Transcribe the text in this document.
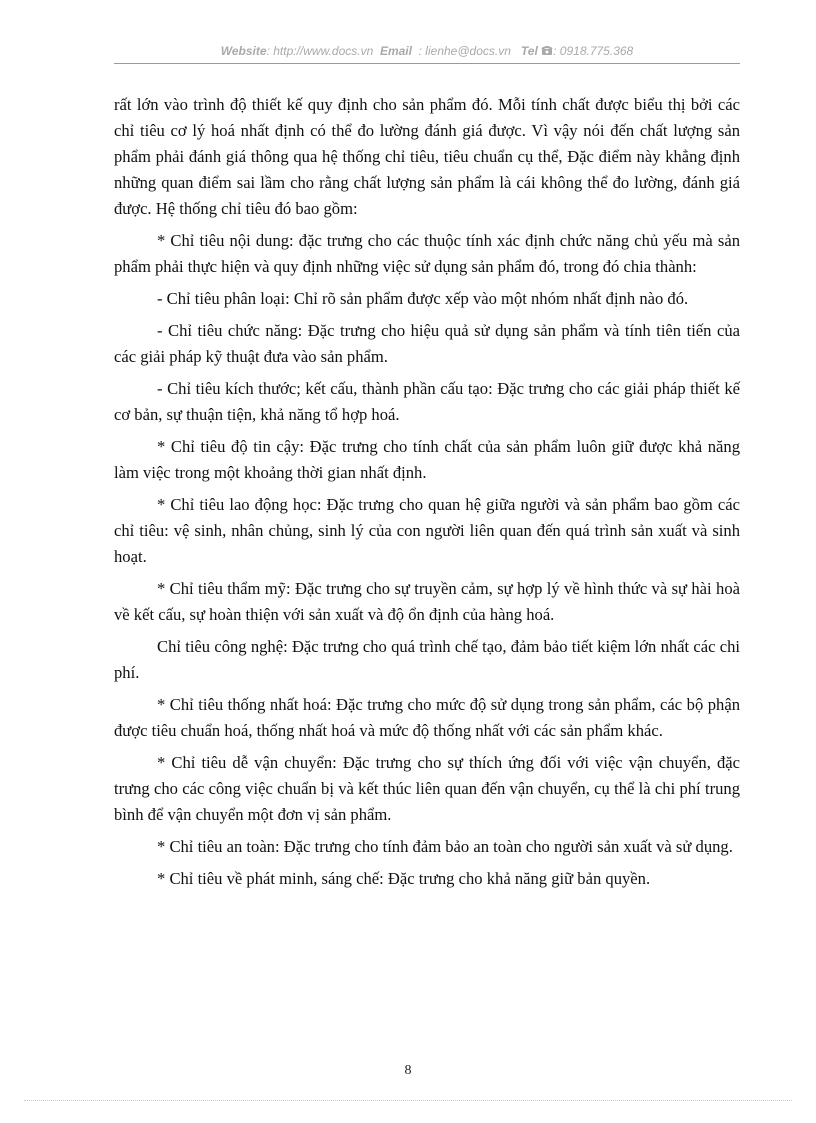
Website: http://www.docs.vn Email : lienhe@docs.vn Tel : 0918.775.368

rất lớn vào trình độ thiết kế quy định cho sản phẩm đó. Mỗi tính chất được biểu thị bởi các chỉ tiêu cơ lý hoá nhất định có thể đo lường đánh giá được. Vì vậy nói đến chất lượng sản phẩm phải đánh giá thông qua hệ thống chỉ tiêu, tiêu chuẩn cụ thể, Đặc điểm này khẳng định những quan điểm sai lầm cho rằng chất lượng sản phẩm là cái không thể đo lường, đánh giá được. Hệ thống chỉ tiêu đó bao gồm:

* Chỉ tiêu nội dung: đặc trưng cho các thuộc tính xác định chức năng chủ yếu mà sản phẩm phải thực hiện và quy định những việc sử dụng sản phẩm đó, trong đó chia thành:

- Chỉ tiêu phân loại: Chỉ rõ sản phẩm được xếp vào một nhóm nhất định nào đó.

- Chỉ tiêu chức năng: Đặc trưng cho hiệu quả sử dụng sản phẩm và tính tiên tiến của các giải pháp kỹ thuật đưa vào sản phẩm.

- Chỉ tiêu kích thước; kết cấu, thành phần cấu tạo: Đặc trưng cho các giải pháp thiết kế cơ bản, sự thuận tiện, khả năng tổ hợp hoá.

* Chỉ tiêu độ tin cậy: Đặc trưng cho tính chất của sản phẩm luôn giữ được khả năng làm việc trong một khoảng thời gian nhất định.

* Chỉ tiêu lao động học: Đặc trưng cho quan hệ giữa người và sản phẩm bao gồm các chỉ tiêu: vệ sinh, nhân chủng, sinh lý của con người liên quan đến quá trình sản xuất và sinh hoạt.

* Chỉ tiêu thẩm mỹ: Đặc trưng cho sự truyền cảm, sự hợp lý về hình thức và sự hài hoà về kết cấu, sự hoàn thiện với sản xuất và độ ổn định của hàng hoá.

Chỉ tiêu công nghệ: Đặc trưng cho quá trình chế tạo, đảm bảo tiết kiệm lớn nhất các chi phí.

* Chỉ tiêu thống nhất hoá: Đặc trưng cho mức độ sử dụng trong sản phẩm, các bộ phận được tiêu chuẩn hoá, thống nhất hoá và mức độ thống nhất với các sản phẩm khác.

* Chỉ tiêu dễ vận chuyển: Đặc trưng cho sự thích ứng đối với việc vận chuyển, đặc trưng cho các công việc chuẩn bị và kết thúc liên quan đến vận chuyển, cụ thể là chi phí trung bình để vận chuyển một đơn vị sản phẩm.

* Chỉ tiêu an toàn: Đặc trưng cho tính đảm bảo an toàn cho người sản xuất và sử dụng.

* Chỉ tiêu về phát minh, sáng chế: Đặc trưng cho khả năng giữ bản quyền.

8
